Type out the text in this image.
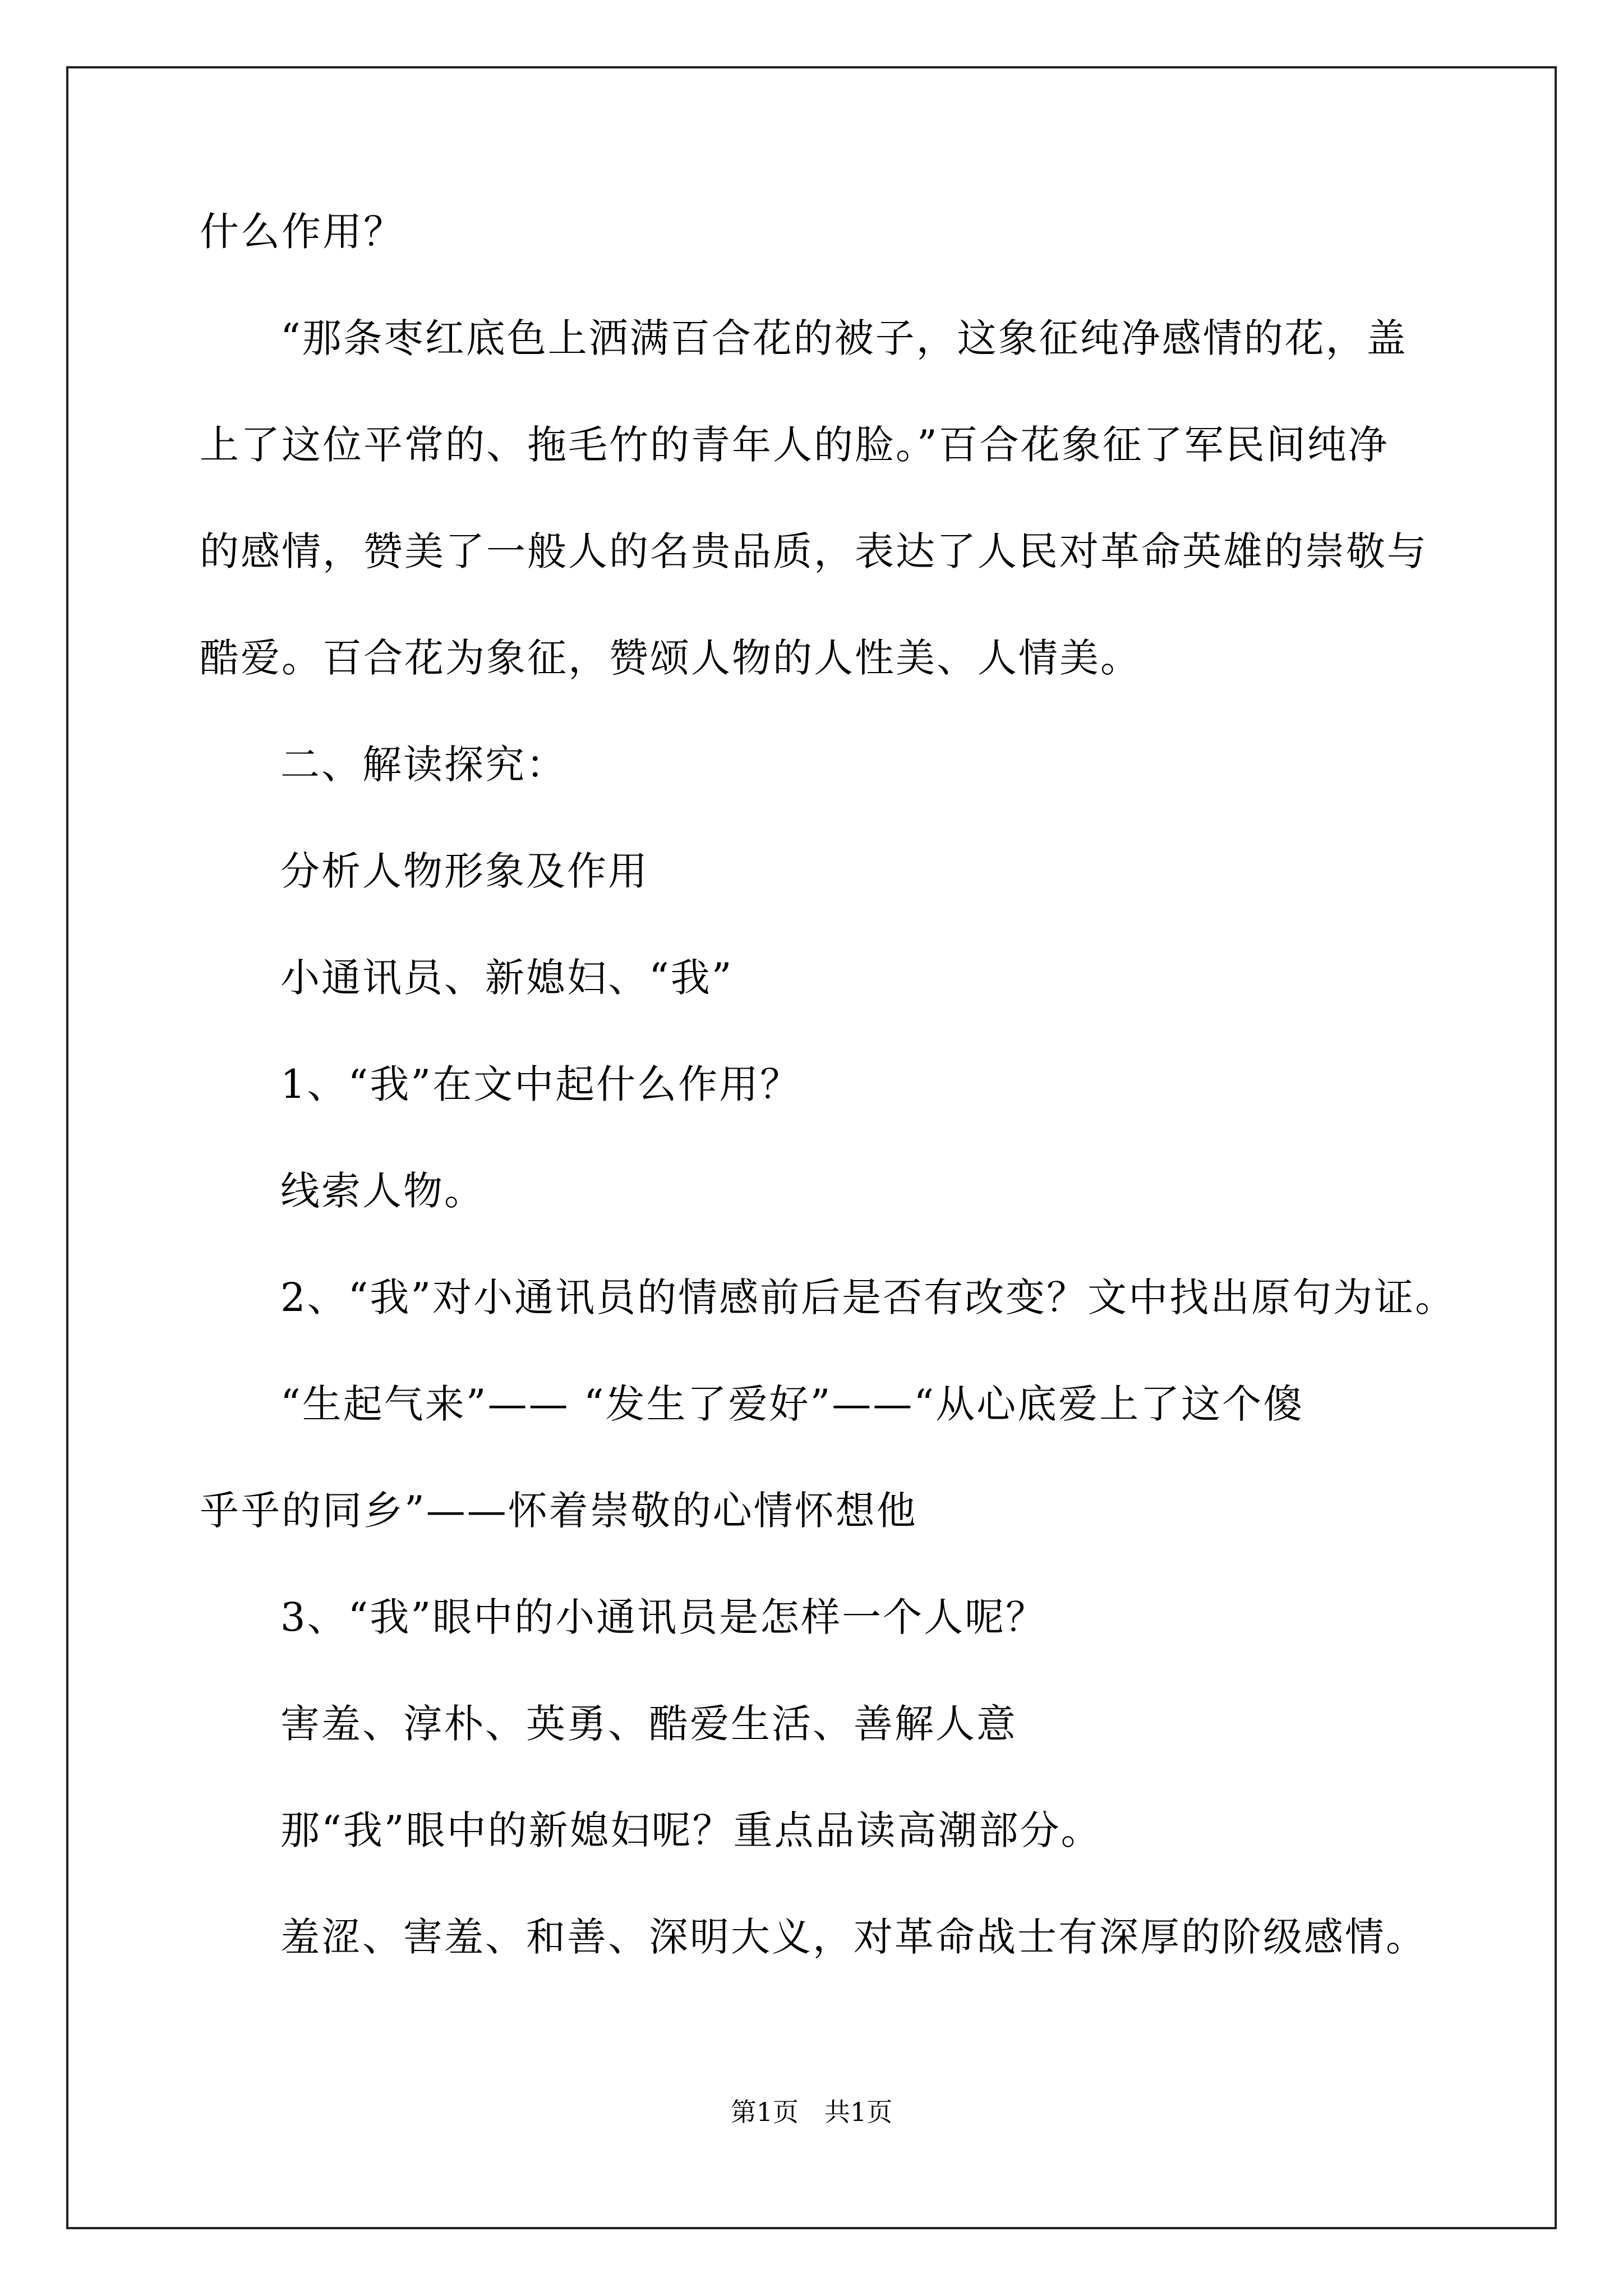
什么作用？

“那条枣红底色上洒满百合花的被子，这象征纯净感情的花，盖

上了这位平常的、拖毛竹的青年人的脸。”百合花象征了军民间纯净

的感情，赞美了一般人的名贵品质，表达了人民对革命英雄的崇敬与

酷爱。百合花为象征，赞颂人物的人性美、人情美。

二、解读探究：

分析人物形象及作用

小通讯员、新媳妇、“我”

1、“我”在文中起什么作用？

线索人物。

2、“我”对小通讯员的情感前后是否有改变？文中找出原句为证。

“生起气来”—— “发生了爱好”——“从心底爱上了这个傻

乎乎的同乡”——怀着崇敬的心情怀想他

3、“我”眼中的小通讯员是怎样一个人呢？

害羞、淳朴、英勇、酷爱生活、善解人意

那“我”眼中的新媳妇呢？重点品读高潮部分。

羞涩、害羞、和善、深明大义，对革命战士有深厚的阶级感情。

第1页 共1页
